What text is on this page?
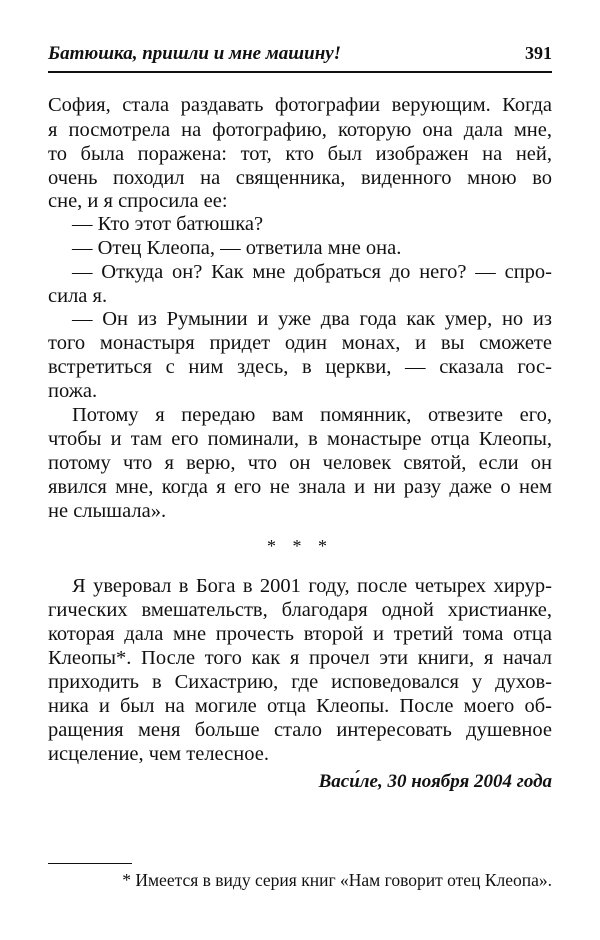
Батюшка, пришли и мне машину!	391
София, стала раздавать фотографии верующим. Когда
я посмотрела на фотографию, которую она дала мне,
то была поражена: тот, кто был изображен на ней,
очень походил на священника, виденного мною во
сне, и я спросила ее:
— Кто этот батюшка?
— Отец Клеопа, — ответила мне она.
— Откуда он? Как мне добраться до него? — спро-
сила я.
— Он из Румынии и уже два года как умер, но из
того монастыря придет один монах, и вы сможете
встретиться с ним здесь, в церкви, — сказала гос-
пожа.
Потому я передаю вам помянник, отвезите его,
чтобы и там его поминали, в монастыре отца Клеопы,
потому что я верю, что он человек святой, если он
явился мне, когда я его не знала и ни разу даже о нем
не слышала».
* * *
Я уверовал в Бога в 2001 году, после четырех хирур-
гических вмешательств, благодаря одной христианке,
которая дала мне прочесть второй и третий тома отца
Клеопы*. После того как я прочел эти книги, я начал
приходить в Сихастрию, где исповедовался у духов-
ника и был на могиле отца Клеопы. После моего об-
ращения меня больше стало интересовать душевное
исцеление, чем телесное.
Васи́ле, 30 ноября 2004 года
* Имеется в виду серия книг «Нам говорит отец Клеопа».
